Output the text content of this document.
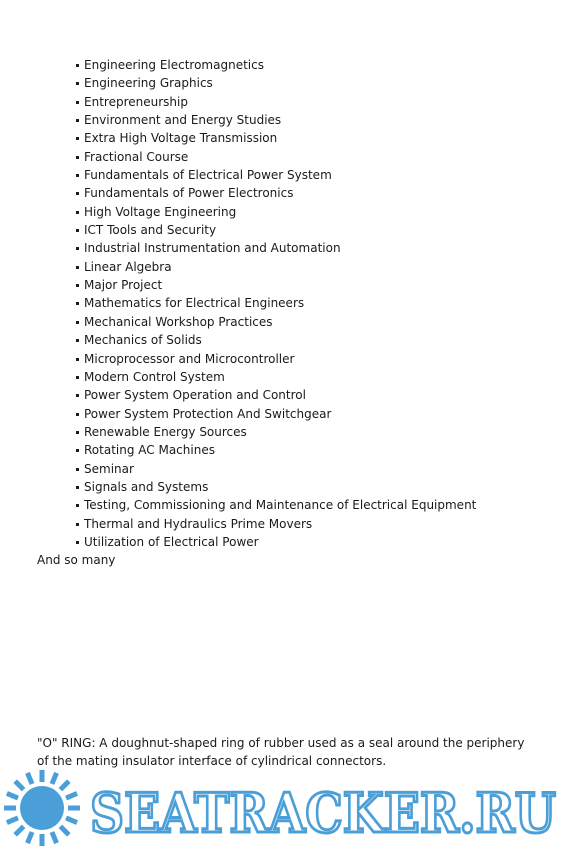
Engineering Electromagnetics
Engineering Graphics
Entrepreneurship
Environment and Energy Studies
Extra High Voltage Transmission
Fractional Course
Fundamentals of Electrical Power System
Fundamentals of Power Electronics
High Voltage Engineering
ICT Tools and Security
Industrial Instrumentation and Automation
Linear Algebra
Major Project
Mathematics for Electrical Engineers
Mechanical Workshop Practices
Mechanics of Solids
Microprocessor and Microcontroller
Modern Control System
Power System Operation and Control
Power System Protection And Switchgear
Renewable Energy Sources
Rotating AC Machines
Seminar
Signals and Systems
Testing, Commissioning and Maintenance of Electrical Equipment
Thermal and Hydraulics Prime Movers
Utilization of Electrical Power
And so many

"O" RING: A doughnut-shaped ring of rubber used as a seal around the periphery of the mating insulator interface of cylindrical connectors.

SEATRACKER.RU
